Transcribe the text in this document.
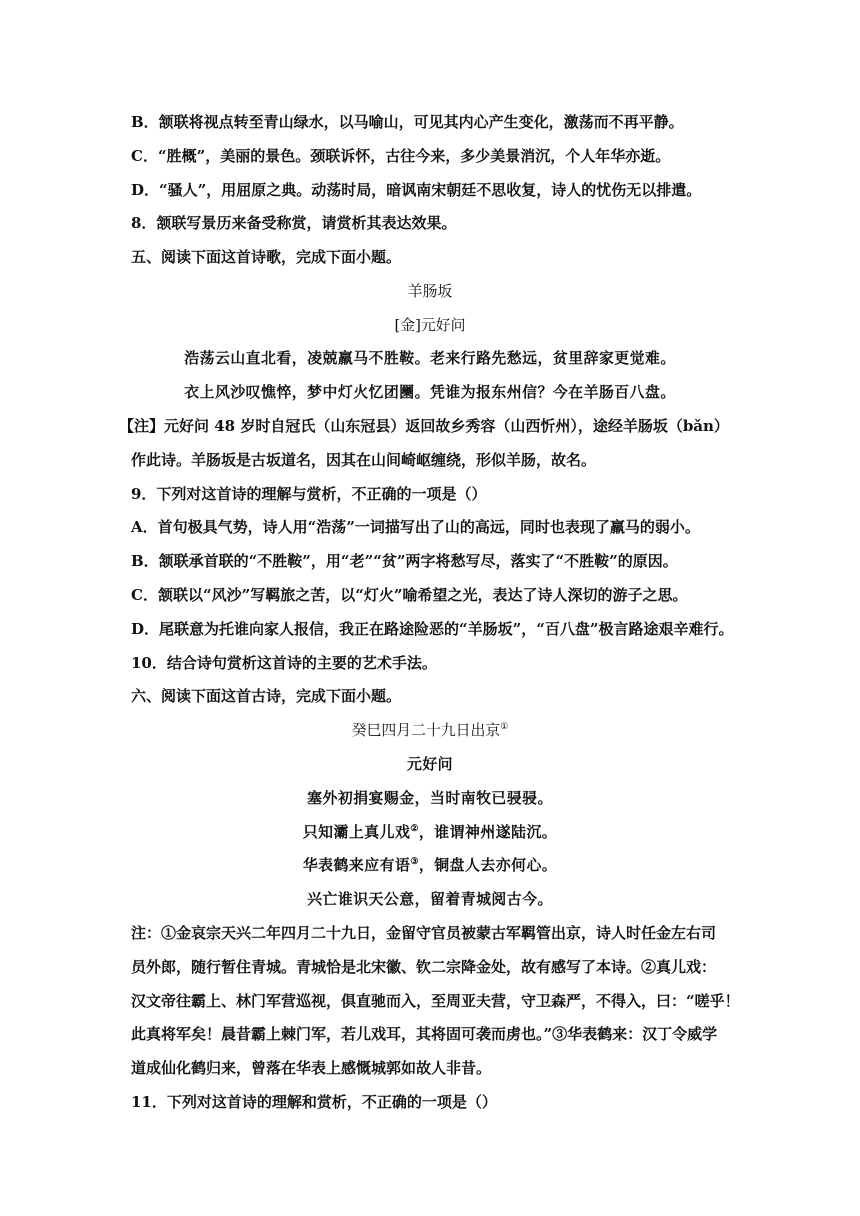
B．颔联将视点转至青山绿水，以马喻山，可见其内心产生变化，激荡而不再平静。
C．“胜概”，美丽的景色。颈联诉怀，古往今来，多少美景消沉，个人年华亦逝。
D．“骚人”，用屈原之典。动荡时局，暗讽南宋朝廷不思收复，诗人的忧伤无以排遣。
8．颔联写景历来备受称赏，请赏析其表达效果。
五、阅读下面这首诗歌，完成下面小题。
羊肠坂
[金]元好问
浩荡云山直北看，凌兢羸马不胜鞍。老来行路先愁远，贫里辞家更觉难。
衣上风沙叹憔悴，梦中灯火忆团圞。凭谁为报东州信？今在羊肠百八盘。
【注】元好问 48 岁时自冠氏（山东冠县）返回故乡秀容（山西忻州），途经羊肠坂（bǎn）
作此诗。羊肠坂是古坂道名，因其在山间崎岖缠绕，形似羊肠，故名。
9．下列对这首诗的理解与赏析，不正确的一项是（）
A．首句极具气势，诗人用“浩荡”一词描写出了山的高远，同时也表现了羸马的弱小。
B．颔联承首联的“不胜鞍”，用“老”“贫”两字将愁写尽，落实了“不胜鞍”的原因。
C．颔联以“风沙”写羁旅之苦，以“灯火”喻希望之光，表达了诗人深切的游子之思。
D．尾联意为托谁向家人报信，我正在路途险恶的“羊肠坂”，“百八盘”极言路途艰辛难行。
10．结合诗句赏析这首诗的主要的艺术手法。
六、阅读下面这首古诗，完成下面小题。
癸巳四月二十九日出京①
元好问
塞外初捐宴赐金，当时南牧已骎骎。
只知灞上真儿戏②，谁谓神州遂陆沉。
华表鹤来应有语③，铜盘人去亦何心。
兴亡谁识天公意，留着青城阅古今。
注：①金哀宗天兴二年四月二十九日，金留守官员被蒙古军羁管出京，诗人时任金左右司
员外郎，随行暂住青城。青城恰是北宋徽、钦二宗降金处，故有感写了本诗。②真儿戏：
汉文帝往霸上、林门军营巡视，俱直驰而入，至周亚夫营，守卫森严，不得入，曰：“嗟乎！
此真将军矣！晨昔霸上棘门军，若儿戏耳，其将固可袭而虏也。”③华表鹤来：汉丁令威学
道成仙化鹤归来，曾落在华表上感慨城郭如故人非昔。
11．下列对这首诗的理解和赏析，不正确的一项是（）
